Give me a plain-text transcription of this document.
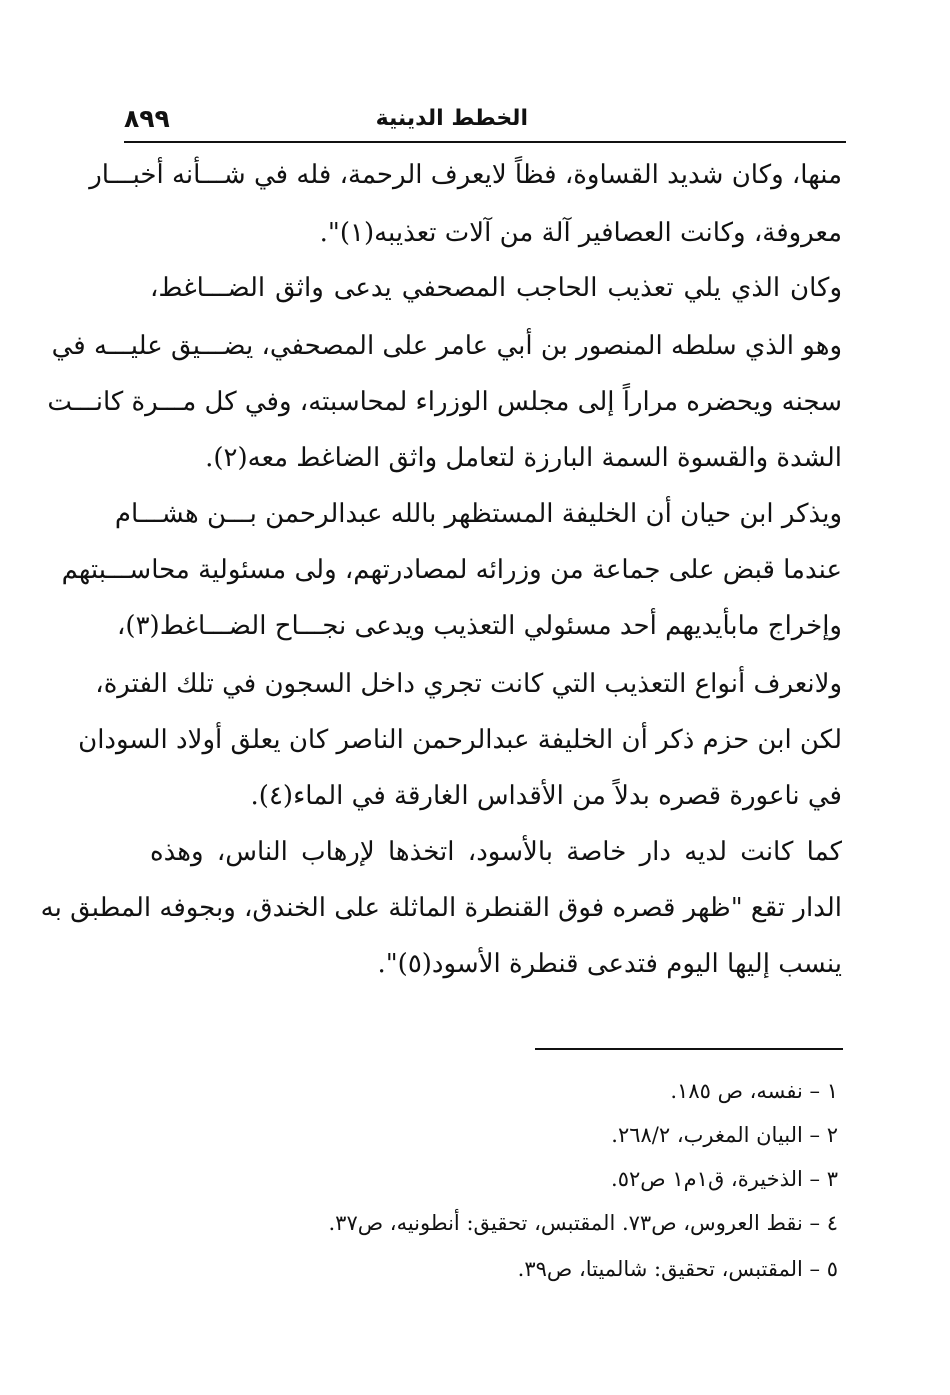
٨٩٩	الخطط الدينية
منها، وكان شديد القساوة، فظاً لايعرف الرحمة، فله في شـــأنه أخبـــار
معروفة، وكانت العصافير آلة من آلات تعذيبه(١)".
وكان الذي يلي تعذيب الحاجب المصحفي يدعى واثق الضـــاغط،
وهو الذي سلطه المنصور بن أبي عامر على المصحفي، يضـــيق عليـــه في
سجنه ويحضره مراراً إلى مجلس الوزراء لمحاسبته، وفي كل مـــرة كانـــت
الشدة والقسوة السمة البارزة لتعامل واثق الضاغط معه(٢).
ويذكر ابن حيان أن الخليفة المستظهر بالله عبدالرحمن بـــن هشـــام
عندما قبض على جماعة من وزرائه لمصادرتهم، ولى مسئولية محاســـبتهم
وإخراج مابأيديهم أحد مسئولي التعذيب ويدعى نجـــاح الضـــاغط(٣)،
ولانعرف أنواع التعذيب التي كانت تجري داخل السجون في تلك الفترة،
لكن ابن حزم ذكر أن الخليفة عبدالرحمن الناصر كان يعلق أولاد السودان
في ناعورة قصره بدلاً من الأقداس الغارقة في الماء(٤).
كما كانت لديه دار خاصة بالأسود، اتخذها لإرهاب الناس، وهذه
الدار تقع "ظهر قصره فوق القنطرة الماثلة على الخندق، وبجوفه المطبق به
ينسب إليها اليوم فتدعى قنطرة الأسود(٥)".
١ – نفسه، ص ١٨٥.
٢ – البيان المغرب، ٢٦٨/٢.
٣ – الذخيرة، ق١م١ ص٥٢.
٤ – نقط العروس، ص٧٣. المقتبس، تحقيق: أنطونيه، ص٣٧.
٥ – المقتبس، تحقيق: شالميتا، ص٣٩.
